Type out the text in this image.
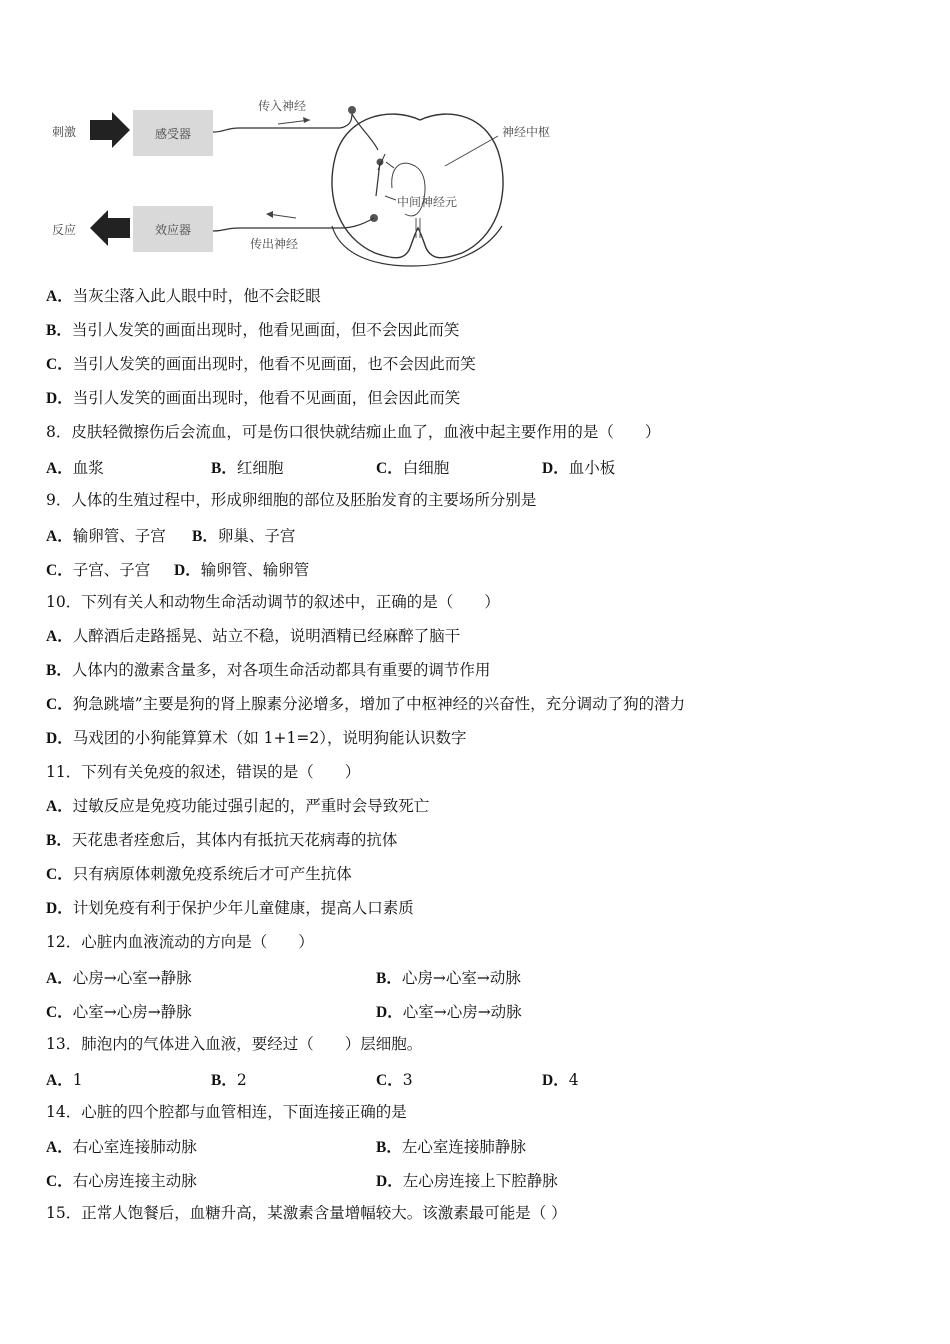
刺激	感受器
反应	效应器
传入神经
中间神经元
传出神经
神经中枢
A．当灰尘落入此人眼中时，他不会眨眼
B．当引人发笑的画面出现时，他看见画面，但不会因此而笑
C．当引人发笑的画面出现时，他看不见画面，也不会因此而笑
D．当引人发笑的画面出现时，他看不见画面，但会因此而笑
8．皮肤轻微擦伤后会流血，可是伤口很快就结痂止血了，血液中起主要作用的是（　　）
A．血浆	B．红细胞	C．白细胞	D．血小板
9．人体的生殖过程中，形成卵细胞的部位及胚胎发育的主要场所分别是
A．输卵管、子宫 B．卵巢、子宫
C．子宫、子宫 D．输卵管、输卵管
10．下列有关人和动物生命活动调节的叙述中，正确的是（　　）
A．人醉酒后走路摇晃、站立不稳，说明酒精已经麻醉了脑干
B．人体内的激素含量多，对各项生命活动都具有重要的调节作用
C．狗急跳墙”主要是狗的肾上腺素分泌增多，增加了中枢神经的兴奋性，充分调动了狗的潜力
D．马戏团的小狗能算算术（如 1+1=2），说明狗能认识数字
11．下列有关免疫的叙述，错误的是（　　）
A．过敏反应是免疫功能过强引起的，严重时会导致死亡
B．天花患者痊愈后，其体内有抵抗天花病毒的抗体
C．只有病原体刺激免疫系统后才可产生抗体
D．计划免疫有利于保护少年儿童健康，提高人口素质
12．心脏内血液流动的方向是（　　）
A．心房→心室→静脉	B．心房→心室→动脉
C．心室→心房→静脉	D．心室→心房→动脉
13．肺泡内的气体进入血液，要经过（　　）层细胞。
A．1	B．2	C．3	D．4
14．心脏的四个腔都与血管相连，下面连接正确的是
A．右心室连接肺动脉	B．左心室连接肺静脉
C．右心房连接主动脉	D．左心房连接上下腔静脉
15．正常人饱餐后，血糖升高，某激素含量增幅较大。该激素最可能是（ ）
